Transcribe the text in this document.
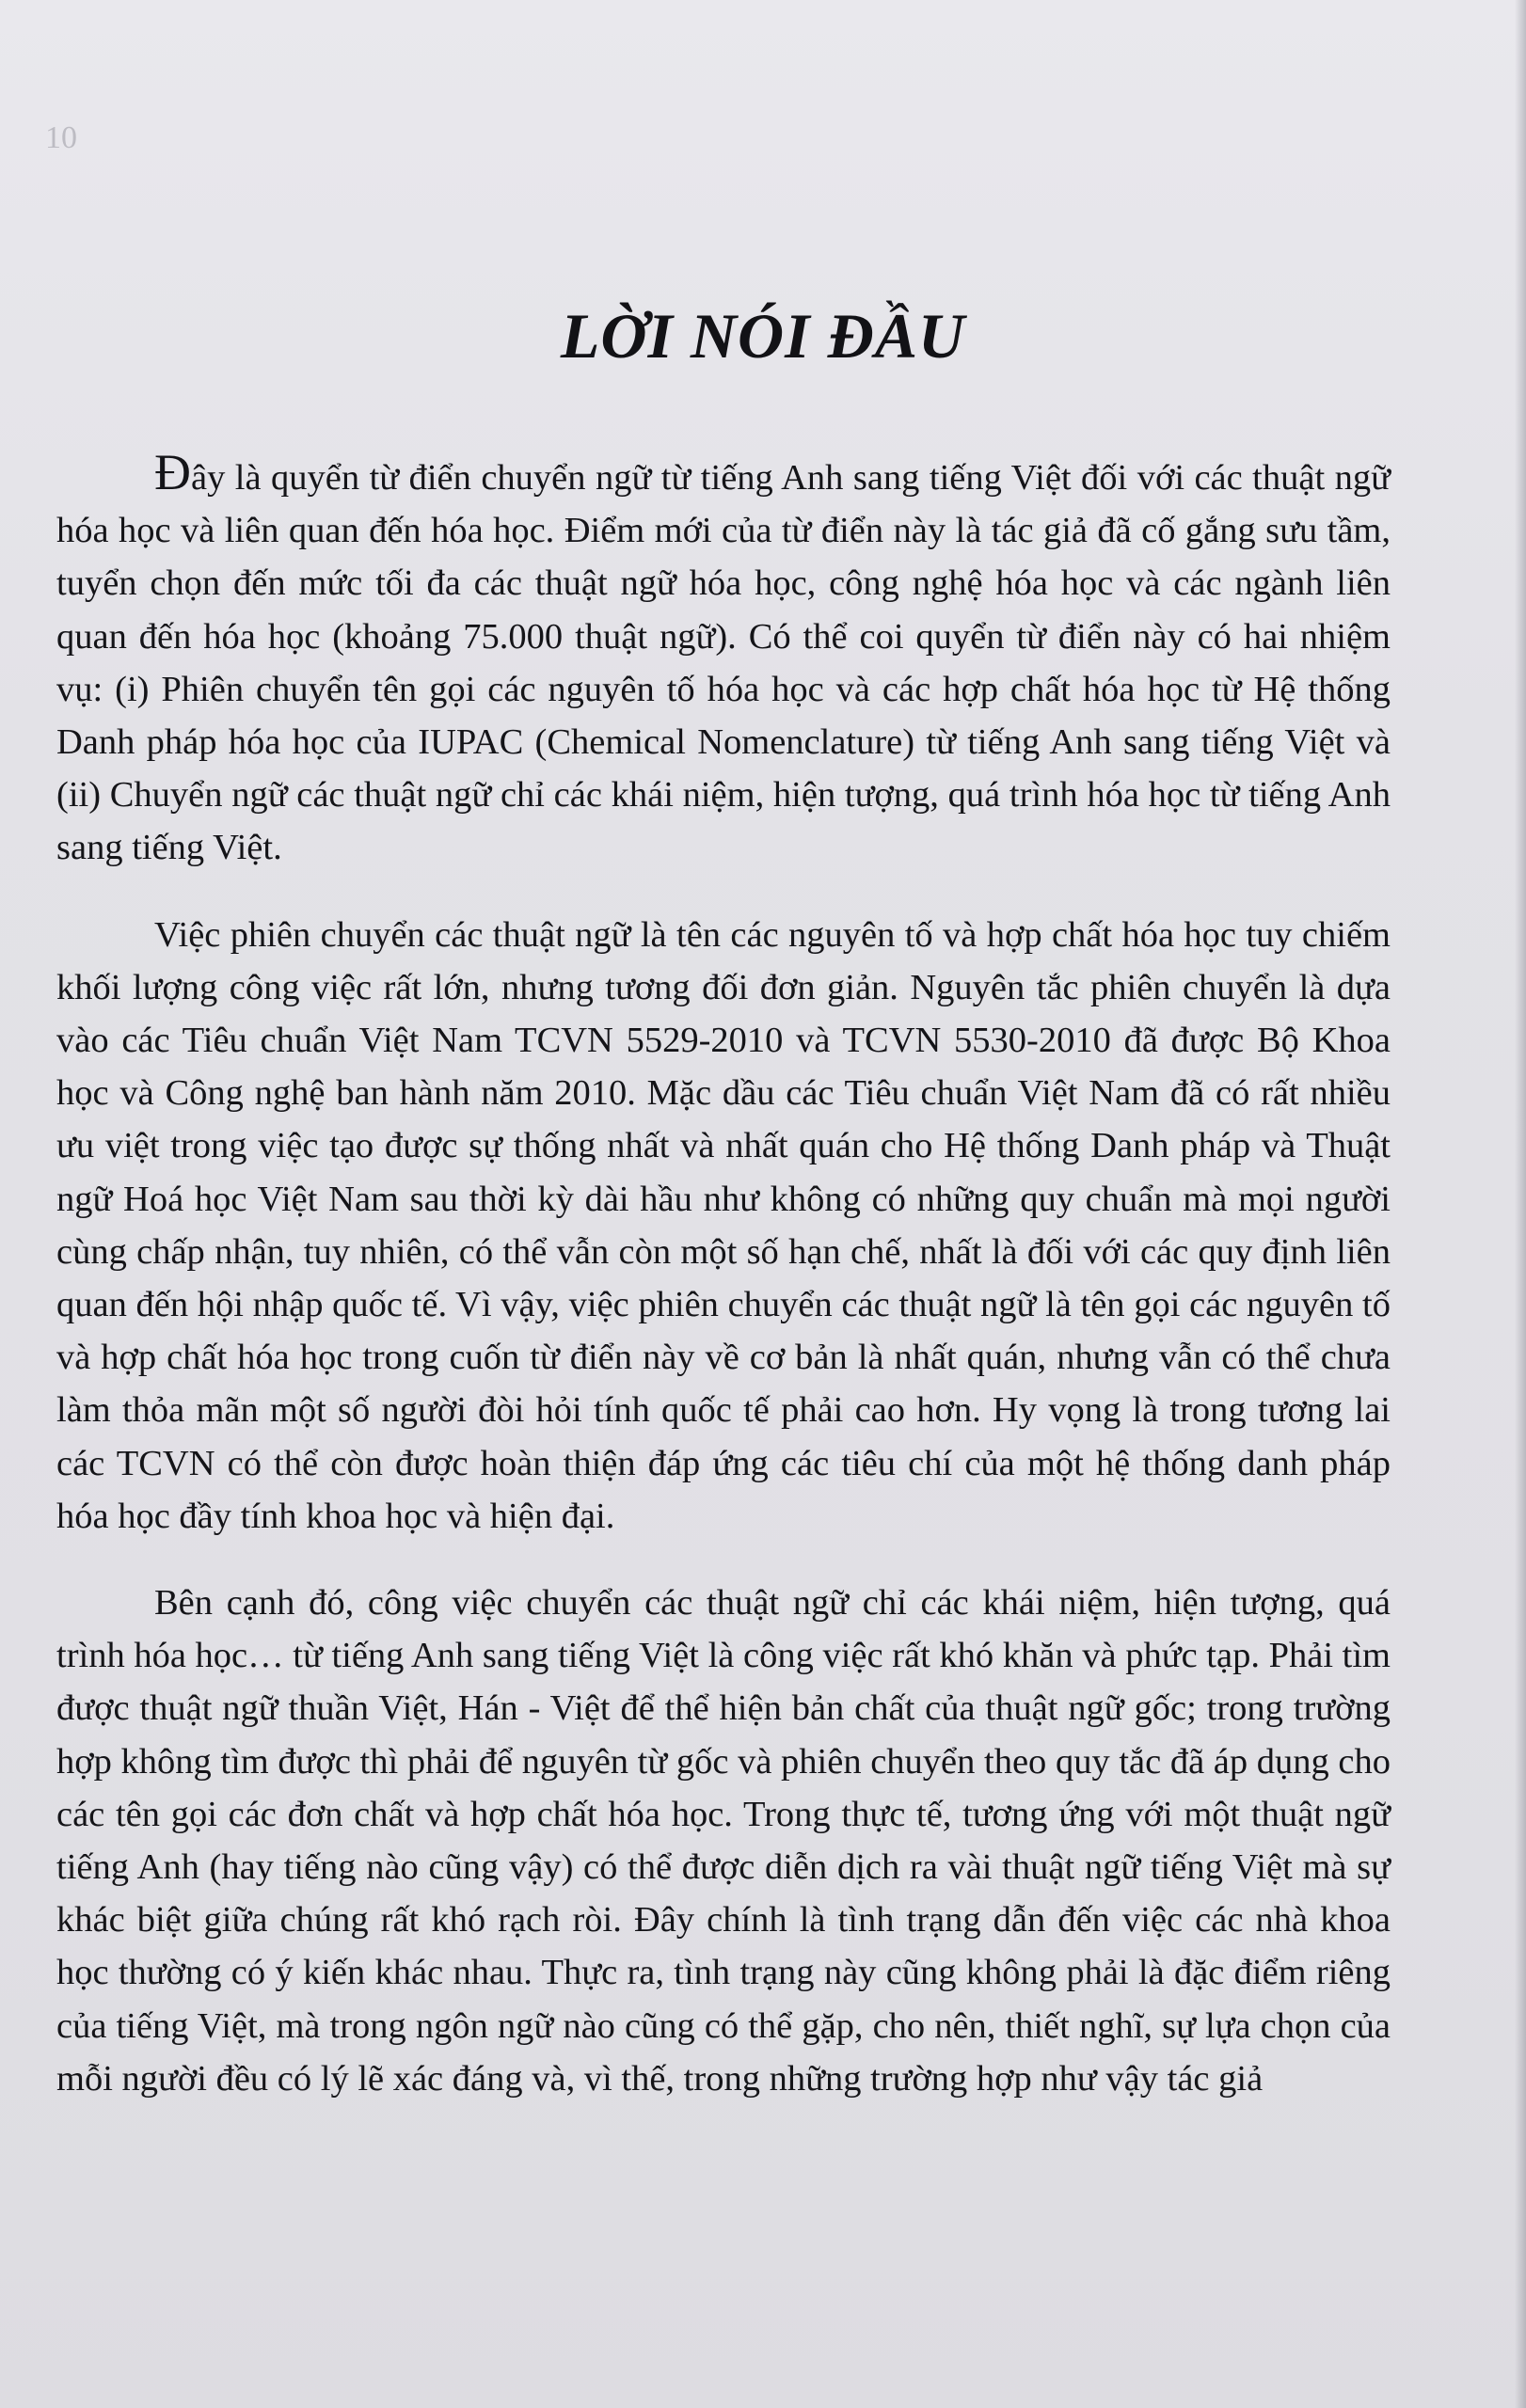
10
LỜI NÓI ĐẦU

Đây là quyển từ điển chuyển ngữ từ tiếng Anh sang tiếng Việt đối với các thuật ngữ hóa học và liên quan đến hóa học. Điểm mới của từ điển này là tác giả đã cố gắng sưu tầm, tuyển chọn đến mức tối đa các thuật ngữ hóa học, công nghệ hóa học và các ngành liên quan đến hóa học (khoảng 75.000 thuật ngữ). Có thể coi quyển từ điển này có hai nhiệm vụ: (i) Phiên chuyển tên gọi các nguyên tố hóa học và các hợp chất hóa học từ Hệ thống Danh pháp hóa học của IUPAC (Chemical Nomenclature) từ tiếng Anh sang tiếng Việt và (ii) Chuyển ngữ các thuật ngữ chỉ các khái niệm, hiện tượng, quá trình hóa học từ tiếng Anh sang tiếng Việt.

Việc phiên chuyển các thuật ngữ là tên các nguyên tố và hợp chất hóa học tuy chiếm khối lượng công việc rất lớn, nhưng tương đối đơn giản. Nguyên tắc phiên chuyển là dựa vào các Tiêu chuẩn Việt Nam TCVN 5529-2010 và TCVN 5530-2010 đã được Bộ Khoa học và Công nghệ ban hành năm 2010. Mặc dầu các Tiêu chuẩn Việt Nam đã có rất nhiều ưu việt trong việc tạo được sự thống nhất và nhất quán cho Hệ thống Danh pháp và Thuật ngữ Hoá học Việt Nam sau thời kỳ dài hầu như không có những quy chuẩn mà mọi người cùng chấp nhận, tuy nhiên, có thể vẫn còn một số hạn chế, nhất là đối với các quy định liên quan đến hội nhập quốc tế. Vì vậy, việc phiên chuyển các thuật ngữ là tên gọi các nguyên tố và hợp chất hóa học trong cuốn từ điển này về cơ bản là nhất quán, nhưng vẫn có thể chưa làm thỏa mãn một số người đòi hỏi tính quốc tế phải cao hơn. Hy vọng là trong tương lai các TCVN có thể còn được hoàn thiện đáp ứng các tiêu chí của một hệ thống danh pháp hóa học đầy tính khoa học và hiện đại.

Bên cạnh đó, công việc chuyển các thuật ngữ chỉ các khái niệm, hiện tượng, quá trình hóa học… từ tiếng Anh sang tiếng Việt là công việc rất khó khăn và phức tạp. Phải tìm được thuật ngữ thuần Việt, Hán - Việt để thể hiện bản chất của thuật ngữ gốc; trong trường hợp không tìm được thì phải để nguyên từ gốc và phiên chuyển theo quy tắc đã áp dụng cho các tên gọi các đơn chất và hợp chất hóa học. Trong thực tế, tương ứng với một thuật ngữ tiếng Anh (hay tiếng nào cũng vậy) có thể được diễn dịch ra vài thuật ngữ tiếng Việt mà sự khác biệt giữa chúng rất khó rạch ròi. Đây chính là tình trạng dẫn đến việc các nhà khoa học thường có ý kiến khác nhau. Thực ra, tình trạng này cũng không phải là đặc điểm riêng của tiếng Việt, mà trong ngôn ngữ nào cũng có thể gặp, cho nên, thiết nghĩ, sự lựa chọn của mỗi người đều có lý lẽ xác đáng và, vì thế, trong những trường hợp như vậy tác giả
